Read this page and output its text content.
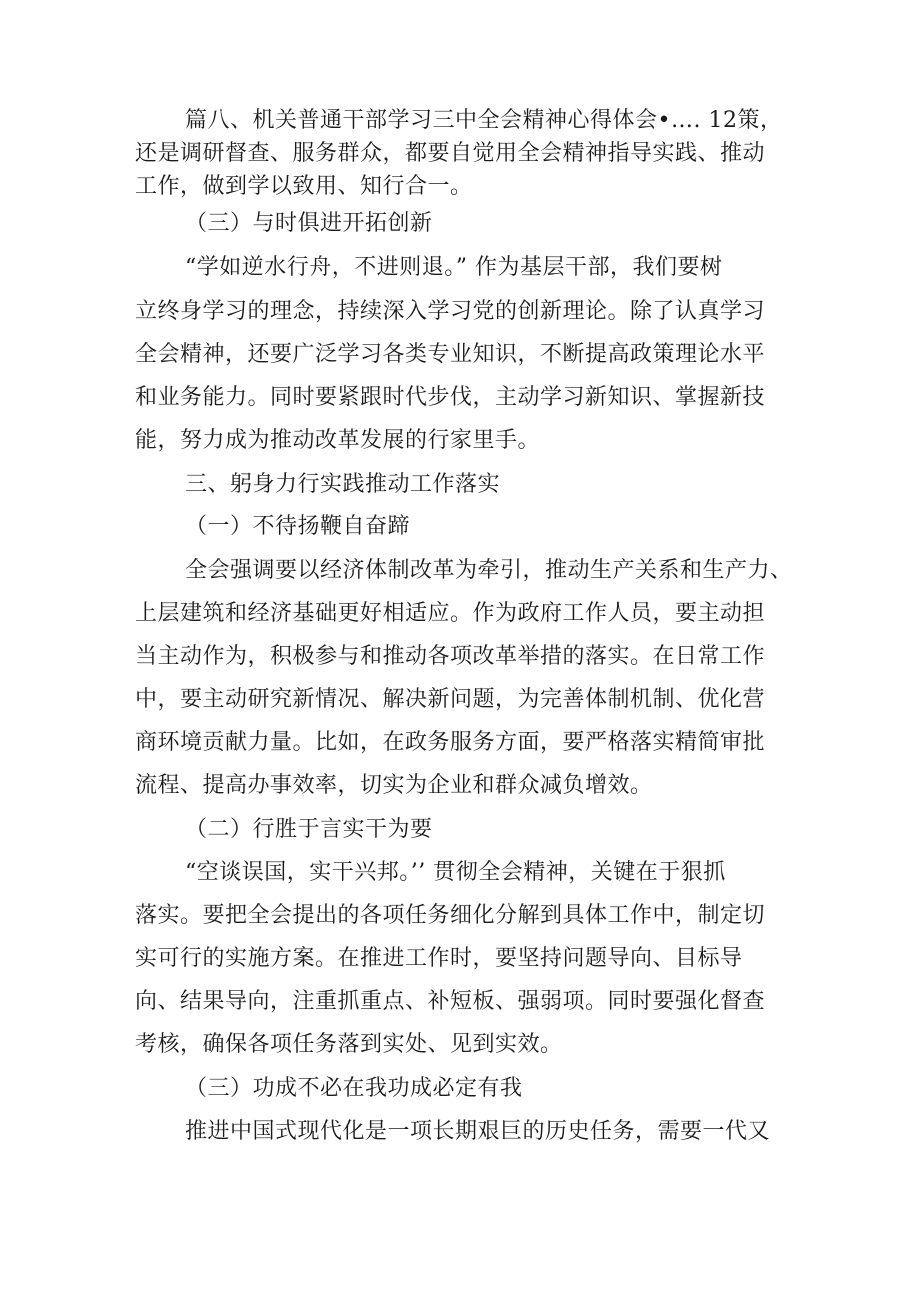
篇八、机关普通干部学习三中全会精神心得体会•…. 12策，
还是调研督查、服务群众，都要自觉用全会精神指导实践、推动
工作，做到学以致用、知行合一。
（三）与时俱进开拓创新
“学如逆水行舟，不进则退。” 作为基层干部，我们要树
立终身学习的理念，持续深入学习党的创新理论。除了认真学习
全会精神，还要广泛学习各类专业知识，不断提高政策理论水平
和业务能力。同时要紧跟时代步伐，主动学习新知识、掌握新技
能，努力成为推动改革发展的行家里手。
三、躬身力行实践推动工作落实
（一）不待扬鞭自奋蹄
全会强调要以经济体制改革为牵引，推动生产关系和生产力、
上层建筑和经济基础更好相适应。作为政府工作人员，要主动担
当主动作为，积极参与和推动各项改革举措的落实。在日常工作
中，要主动研究新情况、解决新问题，为完善体制机制、优化营
商环境贡献力量。比如，在政务服务方面，要严格落实精简审批
流程、提高办事效率，切实为企业和群众减负增效。
（二）行胜于言实干为要
“空谈误国，实干兴邦。’’ 贯彻全会精神，关键在于狠抓
落实。要把全会提出的各项任务细化分解到具体工作中，制定切
实可行的实施方案。在推进工作时，要坚持问题导向、目标导
向、结果导向，注重抓重点、补短板、强弱项。同时要强化督查
考核，确保各项任务落到实处、见到实效。
（三）功成不必在我功成必定有我
推进中国式现代化是一项长期艰巨的历史任务，需要一代又
